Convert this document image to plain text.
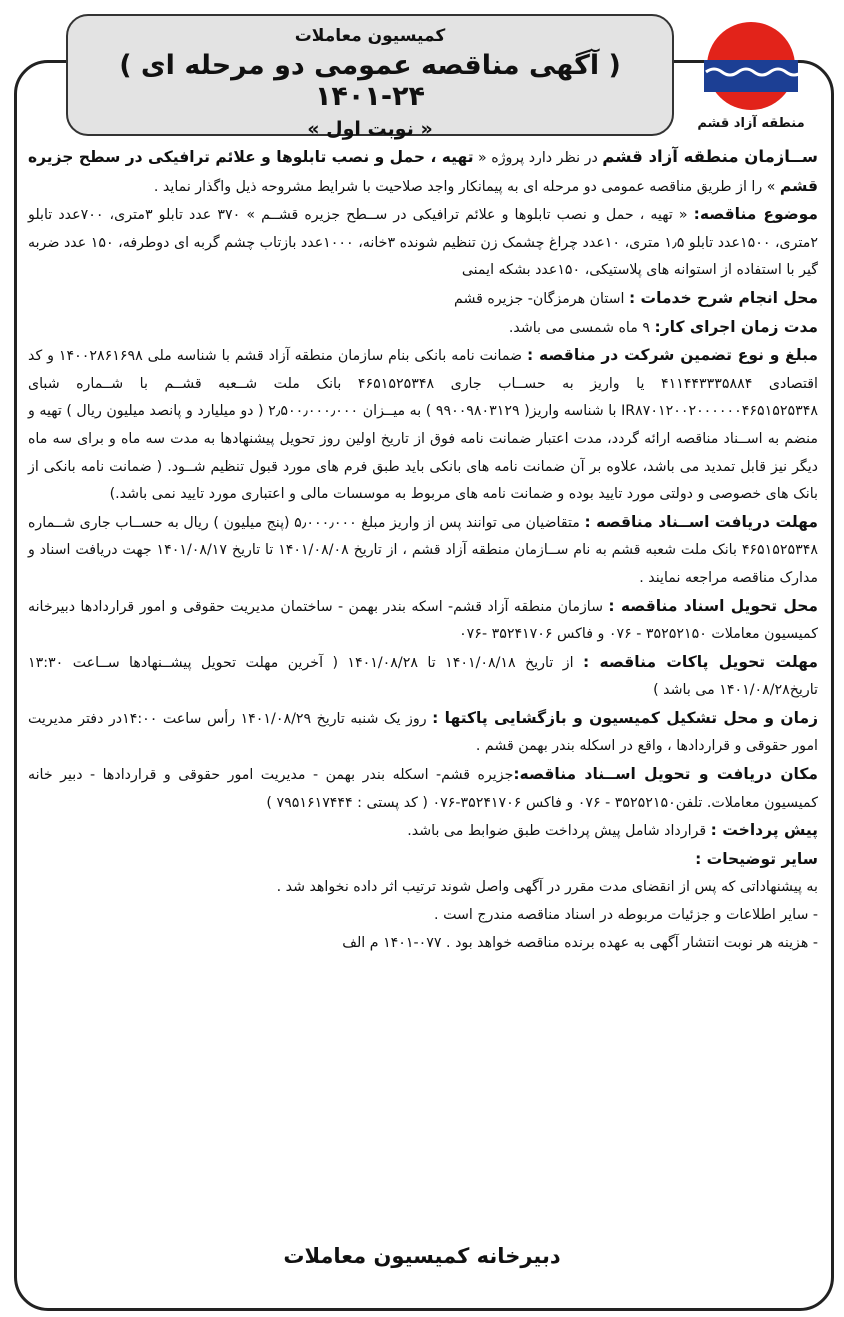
کمیسیون معاملات
( آگهی مناقصه عمومی دو مرحله ای ) ۲۴-۱۴۰۱
« نوبت اول »	منطقه آزاد قشم

ســازمان منطقه آزاد قشم در نظر دارد پروژه « تهیه ، حمل و نصب تابلوها و علائم ترافیکی در سطح جزیره قشم » را از طریق مناقصه عمومی دو مرحله ای به پیمانکار واجد صلاحیت با شرایط مشروحه ذیل واگذار نماید .

موضوع مناقصه: « تهیه ، حمل و نصب تابلوها و علائم ترافیکی در ســطح جزیره قشــم » ۳۷۰ عدد تابلو ۳متری، ۷۰۰عدد تابلو ۲متری، ۱۵۰۰عدد تابلو ۱٫۵ متری، ۱۰عدد چراغ چشمک زن تنظیم شونده ۳خانه، ۱۰۰۰عدد بازتاب چشم گربه ای دوطرفه، ۱۵۰ عدد ضربه گیر با استفاده از استوانه های پلاستیکی، ۱۵۰عدد بشکه ایمنی

محل انجام شرح خدمات : استان هرمزگان- جزیره قشم

مدت زمان اجرای کار: ۹ ماه شمسی می باشد.

مبلغ و نوع تضمین شرکت در مناقصه : ضمانت نامه بانکی بنام سازمان منطقه آزاد قشم با شناسه ملی ۱۴۰۰۲۸۶۱۶۹۸ و کد اقتصادی ۴۱۱۴۴۳۳۳۵۸۸۴ یا واریز به حســاب جاری ۴۶۵۱۵۲۵۳۴۸ بانک ملت شــعبه قشــم با شــماره شبای IR۸۷۰۱۲۰۰۲۰۰۰۰۰۰۴۶۵۱۵۲۵۳۴۸ با شناسه واریز( ۹۹۰۰۹۸۰۳۱۲۹ ) به میــزان ۲٫۵۰۰٫۰۰۰٫۰۰۰ ( دو میلیارد و پانصد میلیون ریال ) تهیه و منضم به اســناد مناقصه ارائه گردد، مدت اعتبار ضمانت نامه فوق از تاریخ اولین روز تحویل پیشنهادها به مدت سه ماه و برای سه ماه دیگر نیز قابل تمدید می باشد، علاوه بر آن ضمانت نامه های بانکی باید طبق فرم های مورد قبول تنظیم شــود. ( ضمانت نامه بانکی از بانک های خصوصی و دولتی مورد تایید بوده و ضمانت نامه های مربوط به موسسات مالی و اعتباری مورد تایید نمی باشد.)

مهلت دریافت اســناد مناقصه : متقاضیان می توانند پس از واریز مبلغ ۵٫۰۰۰٫۰۰۰ (پنج میلیون ) ریال به حســاب جاری شــماره ۴۶۵۱۵۲۵۳۴۸ بانک ملت شعبه قشم به نام ســازمان منطقه آزاد قشم ، از تاریخ ۱۴۰۱/۰۸/۰۸ تا تاریخ ۱۴۰۱/۰۸/۱۷ جهت دریافت اسناد و مدارک مناقصه مراجعه نمایند .

محل تحویل اسناد مناقصه : سازمان منطقه آزاد قشم- اسکه بندر بهمن - ساختمان مدیریت حقوقی و امور قراردادها دبیرخانه کمیسیون معاملات ۳۵۲۵۲۱۵۰ - ۰۷۶ و فاکس ۳۵۲۴۱۷۰۶ -۰۷۶

مهلت تحویل پاکات مناقصه : از تاریخ ۱۴۰۱/۰۸/۱۸ تا ۱۴۰۱/۰۸/۲۸ ( آخرین مهلت تحویل پیشــنهادها ســاعت ۱۳:۳۰ تاریخ۱۴۰۱/۰۸/۲۸ می باشد )

زمان و محل تشکیل کمیسیون و بازگشایی پاکتها : روز یک شنبه تاریخ ۱۴۰۱/۰۸/۲۹ رأس ساعت ۱۴:۰۰در دفتر مدیریت امور حقوقی و قراردادها ، واقع در اسکله بندر بهمن قشم .

مکان دریافت و تحویل اســناد مناقصه:جزیره قشم- اسکله بندر بهمن - مدیریت امور حقوقی و قراردادها - دبیر خانه کمیسیون معاملات. تلفن۳۵۲۵۲۱۵۰ - ۰۷۶ و فاکس ۳۵۲۴۱۷۰۶-۰۷۶ ( کد پستی : ۷۹۵۱۶۱۷۴۴۴ )

پیش پرداخت : قرارداد شامل پیش پرداخت طبق ضوابط می باشد.

سایر توضیحات :

به پیشنهاداتی که پس از انقضای مدت مقرر در آگهی واصل شوند ترتیب اثر داده نخواهد شد .

- سایر اطلاعات و جزئیات مربوطه در اسناد مناقصه مندرج است .

- هزینه هر نوبت انتشار آگهی به عهده برنده مناقصه خواهد بود . ۰۷۷-۱۴۰۱ م الف

دبیرخانه کمیسیون معاملات
